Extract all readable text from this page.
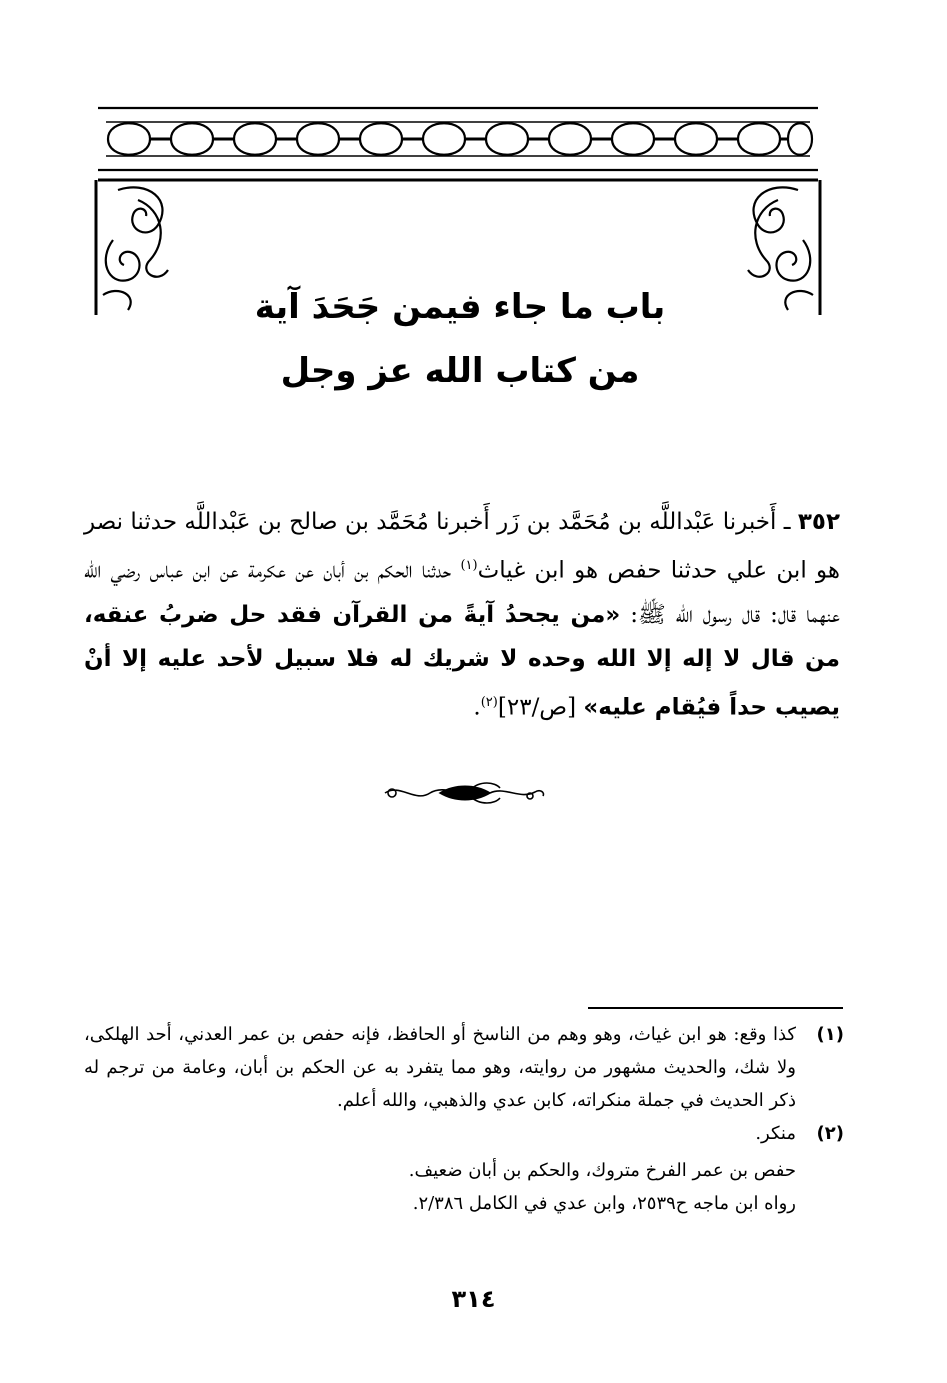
باب ما جاء فيمن جَحَدَ آية
من كتاب الله عز وجل
٣٥٢ ـ أَخبرنا عَبْداللَّه بن مُحَمَّد بن زَر أَخبرنا مُحَمَّد بن صالح بن عَبْداللَّه حدثنا نصر هو ابن علي حدثنا حفص هو ابن غياث$^{(١)}$ حدثنا الحكم بن أبان عن عكرمة عن ابن عباس رضي الله عنهما قال: قال رسول الله ﷺ: «من يجحدُ آيةً من القرآن فقد حل ضربُ عنقه، من قال لا إله إلا الله وحده لا شريك له فلا سبيل لأحد عليه إلا أنْ يصيب حداً فيُقام عليه» [ص/٢٣]$^{(٢)}$.
(١)
كذا وقع: هو ابن غياث، وهو وهم من الناسخ أو الحافظ، فإنه حفص بن عمر العدني، أحد الهلكى، ولا شك، والحديث مشهور من روايته، وهو مما يتفرد به عن الحكم بن أبان، وعامة من ترجم له ذكر الحديث في جملة منكراته، كابن عدي والذهبي، والله أعلم.
(٢)
منكر.
حفص بن عمر الفرخ متروك، والحكم بن أبان ضعيف.
رواه ابن ماجه ح٢٥٣٩، وابن عدي في الكامل ٢/٣٨٦.
٣١٤
